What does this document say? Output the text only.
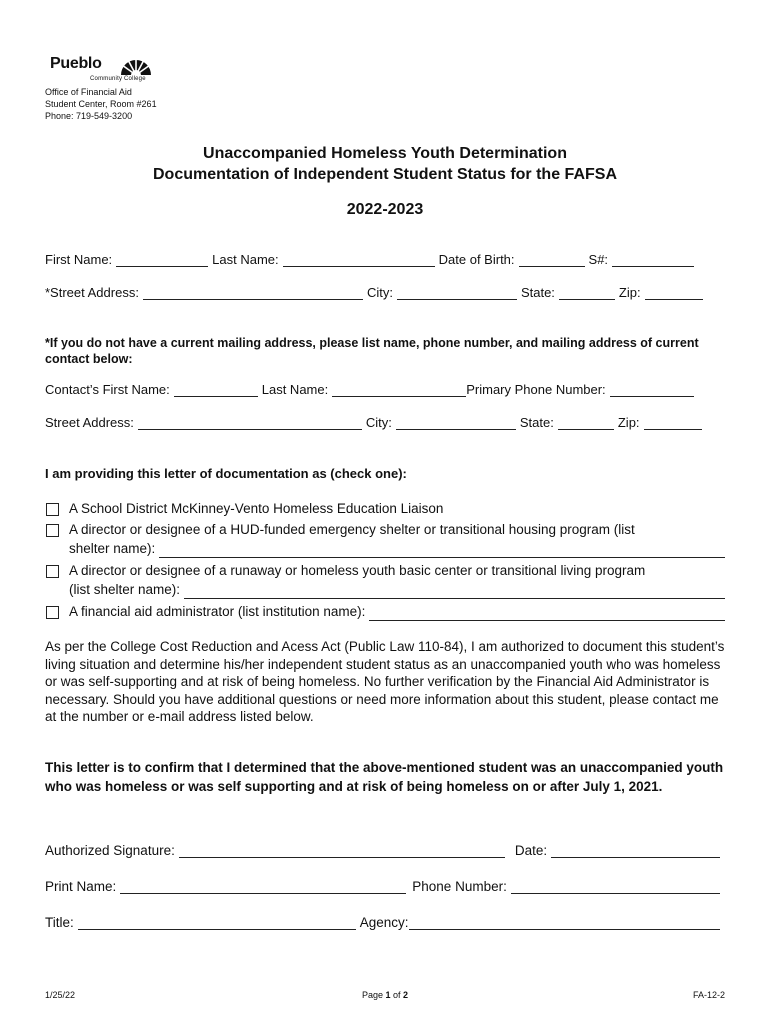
Pueblo
Community College
Office of Financial Aid
Student Center, Room #261
Phone: 719-549-3200
Unaccompanied Homeless Youth Determination
Documentation of Independent Student Status for the FAFSA
2022-2023
First Name:	Last Name:	Date of Birth:	S#:
*Street Address:	City:	State:	Zip:
*If you do not have a current mailing address, please list name, phone number, and mailing address of current contact below:
Contact’s First Name:	Last Name:	Primary Phone Number:
Street Address:	City:	State:	Zip:
I am providing this letter of documentation as (check one):
A School District McKinney-Vento Homeless Education Liaison
A director or designee of a HUD-funded emergency shelter or transitional housing program (list
shelter name):
A director or designee of a runaway or homeless youth basic center or transitional living program
(list shelter name):
A financial aid administrator (list institution name):
As per the College Cost Reduction and Acess Act (Public Law 110-84), I am authorized to document this student’s living situation and determine his/her independent student status as an unaccompanied youth who was homeless or was self-supporting and at risk of being homeless. No further verification by the Financial Aid Administrator is necessary. Should you have additional questions or need more information about this student, please contact me at the number or e-mail address listed below.
This letter is to confirm that I determined that the above-mentioned student was an unaccompanied youth who was homeless or was self supporting and at risk of being homeless on or after July 1, 2021.
Authorized Signature:	Date:
Print Name:	Phone Number:
Title:	Agency:
1/25/22	Page 1 of 2	FA-12-2
